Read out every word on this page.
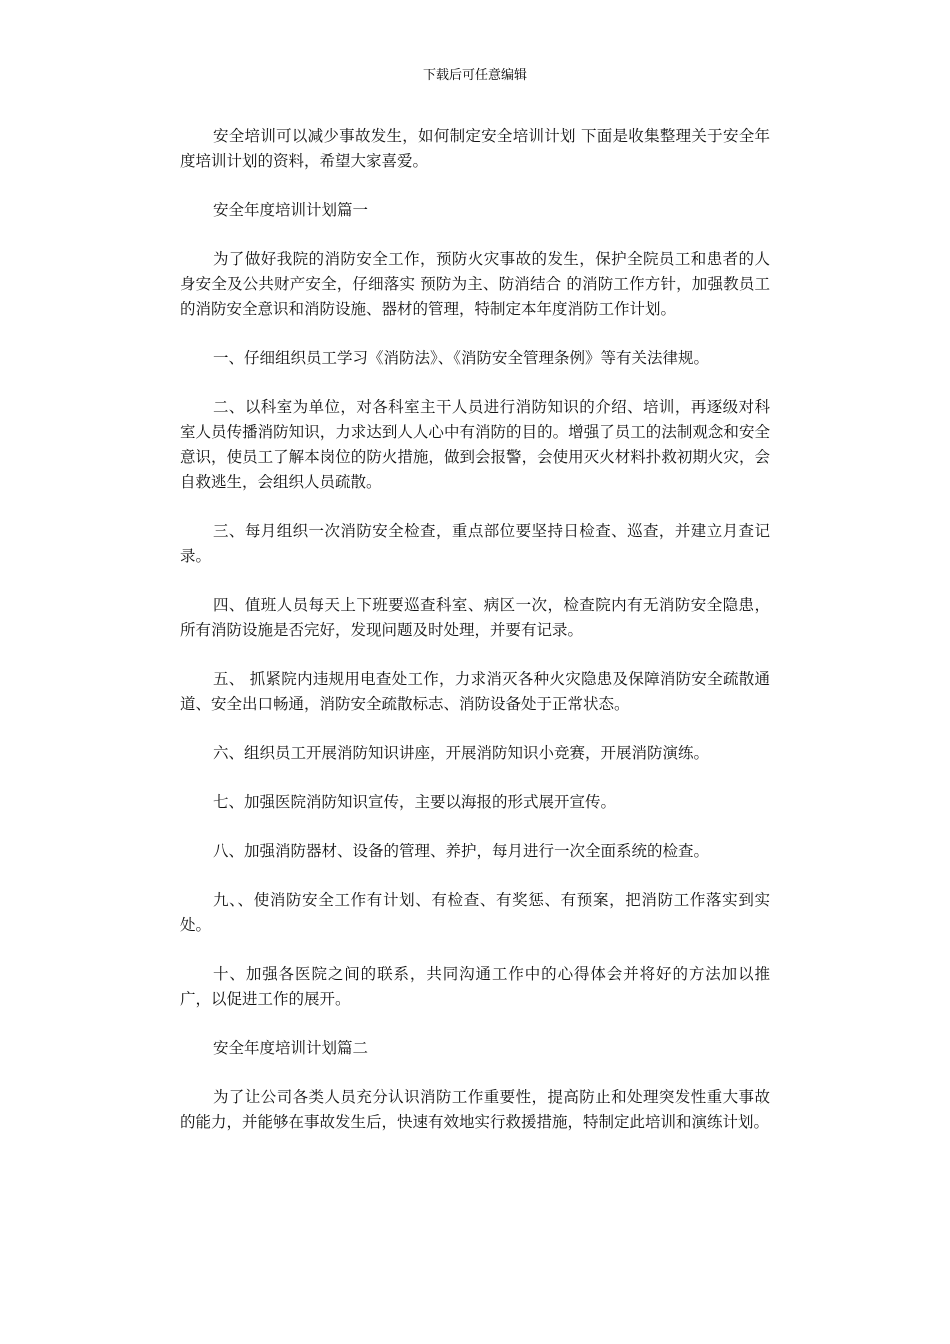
下载后可任意编辑

安全培训可以减少事故发生，如何制定安全培训计划 下面是收集整理关于安全年度培训计划的资料，希望大家喜爱。

安全年度培训计划篇一

为了做好我院的消防安全工作，预防火灾事故的发生，保护全院员工和患者的人身安全及公共财产安全，仔细落实 预防为主、防消结合 的消防工作方针，加强教员工的消防安全意识和消防设施、器材的管理，特制定本年度消防工作计划。

一、仔细组织员工学习《消防法》、《消防安全管理条例》等有关法律规。

二、以科室为单位，对各科室主干人员进行消防知识的介绍、培训，再逐级对科室人员传播消防知识，力求达到人人心中有消防的目的。增强了员工的法制观念和安全意识，使员工了解本岗位的防火措施，做到会报警，会使用灭火材料扑救初期火灾，会自救逃生，会组织人员疏散。

三、每月组织一次消防安全检查，重点部位要坚持日检查、巡查，并建立月查记录。

四、值班人员每天上下班要巡查科室、病区一次，检查院内有无消防安全隐患，所有消防设施是否完好，发现问题及时处理，并要有记录。

五、 抓紧院内违规用电查处工作，力求消灭各种火灾隐患及保障消防安全疏散通道、安全出口畅通，消防安全疏散标志、消防设备处于正常状态。

六、组织员工开展消防知识讲座，开展消防知识小竞赛，开展消防演练。

七、加强医院消防知识宣传，主要以海报的形式展开宣传。

八、加强消防器材、设备的管理、养护，每月进行一次全面系统的检查。

九、、使消防安全工作有计划、有检查、有奖惩、有预案，把消防工作落实到实处。

十、加强各医院之间的联系，共同沟通工作中的心得体会并将好的方法加以推广，以促进工作的展开。

安全年度培训计划篇二

为了让公司各类人员充分认识消防工作重要性，提高防止和处理突发性重大事故的能力，并能够在事故发生后，快速有效地实行救援措施，特制定此培训和演练计划。
